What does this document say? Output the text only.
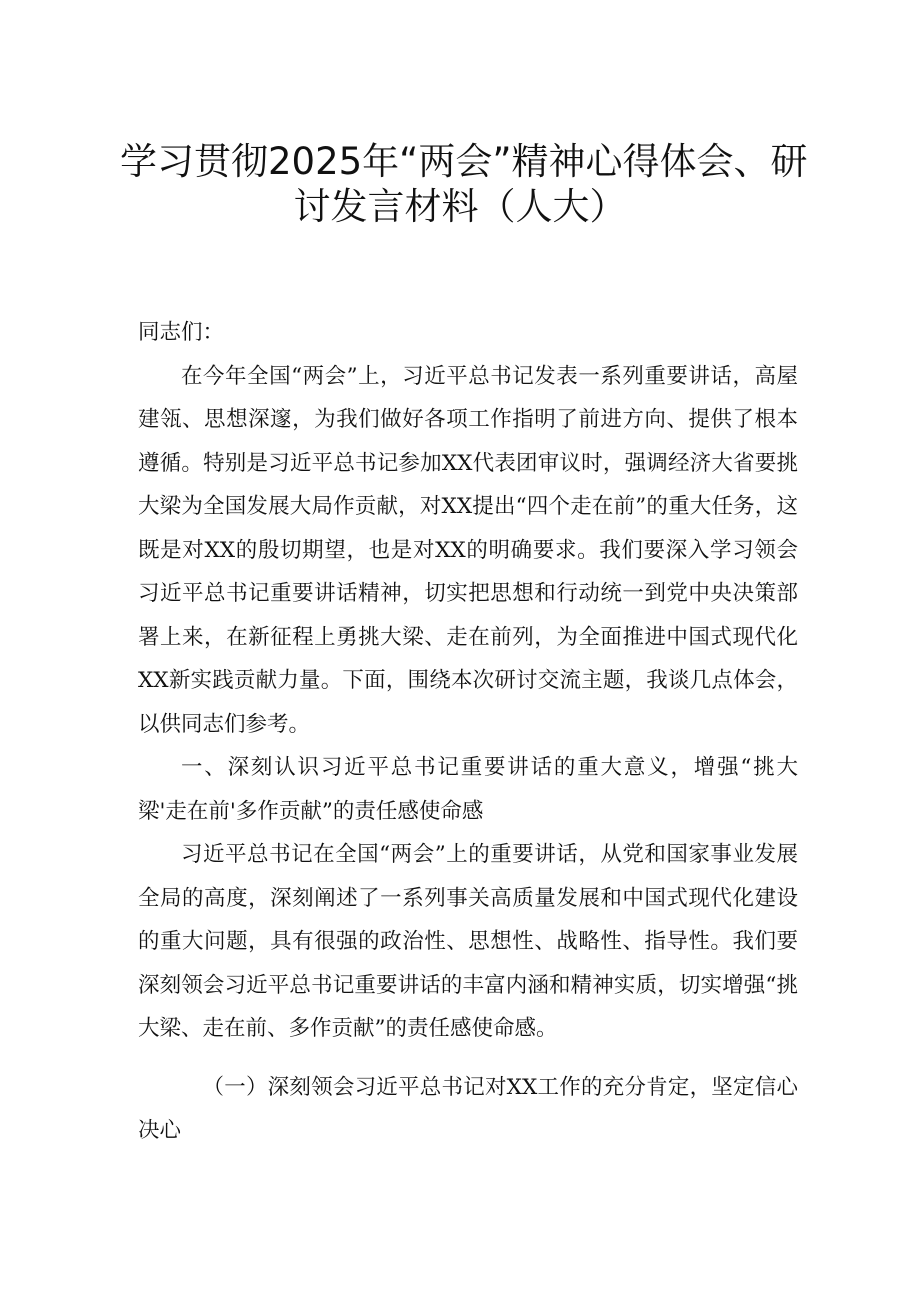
学习贯彻2025年“两会”精神心得体会、研
讨发言材料（人大）

同志们：

在今年全国“两会”上，习近平总书记发表一系列重要讲话，高屋建瓴、思想深邃，为我们做好各项工作指明了前进方向、提供了根本遵循。特别是习近平总书记参加XX代表团审议时，强调经济大省要挑大梁为全国发展大局作贡献，对XX提出“四个走在前”的重大任务，这既是对XX的殷切期望，也是对XX的明确要求。我们要深入学习领会习近平总书记重要讲话精神，切实把思想和行动统一到党中央决策部署上来，在新征程上勇挑大梁、走在前列，为全面推进中国式现代化XX新实践贡献力量。下面，围绕本次研讨交流主题，我谈几点体会，以供同志们参考。

一、深刻认识习近平总书记重要讲话的重大意义，增强“挑大梁'走在前'多作贡献”的责任感使命感

习近平总书记在全国“两会”上的重要讲话，从党和国家事业发展全局的高度，深刻阐述了一系列事关高质量发展和中国式现代化建设的重大问题，具有很强的政治性、思想性、战略性、指导性。我们要深刻领会习近平总书记重要讲话的丰富内涵和精神实质，切实增强“挑大梁、走在前、多作贡献”的责任感使命感。

（一）深刻领会习近平总书记对XX工作的充分肯定，坚定信心决心
